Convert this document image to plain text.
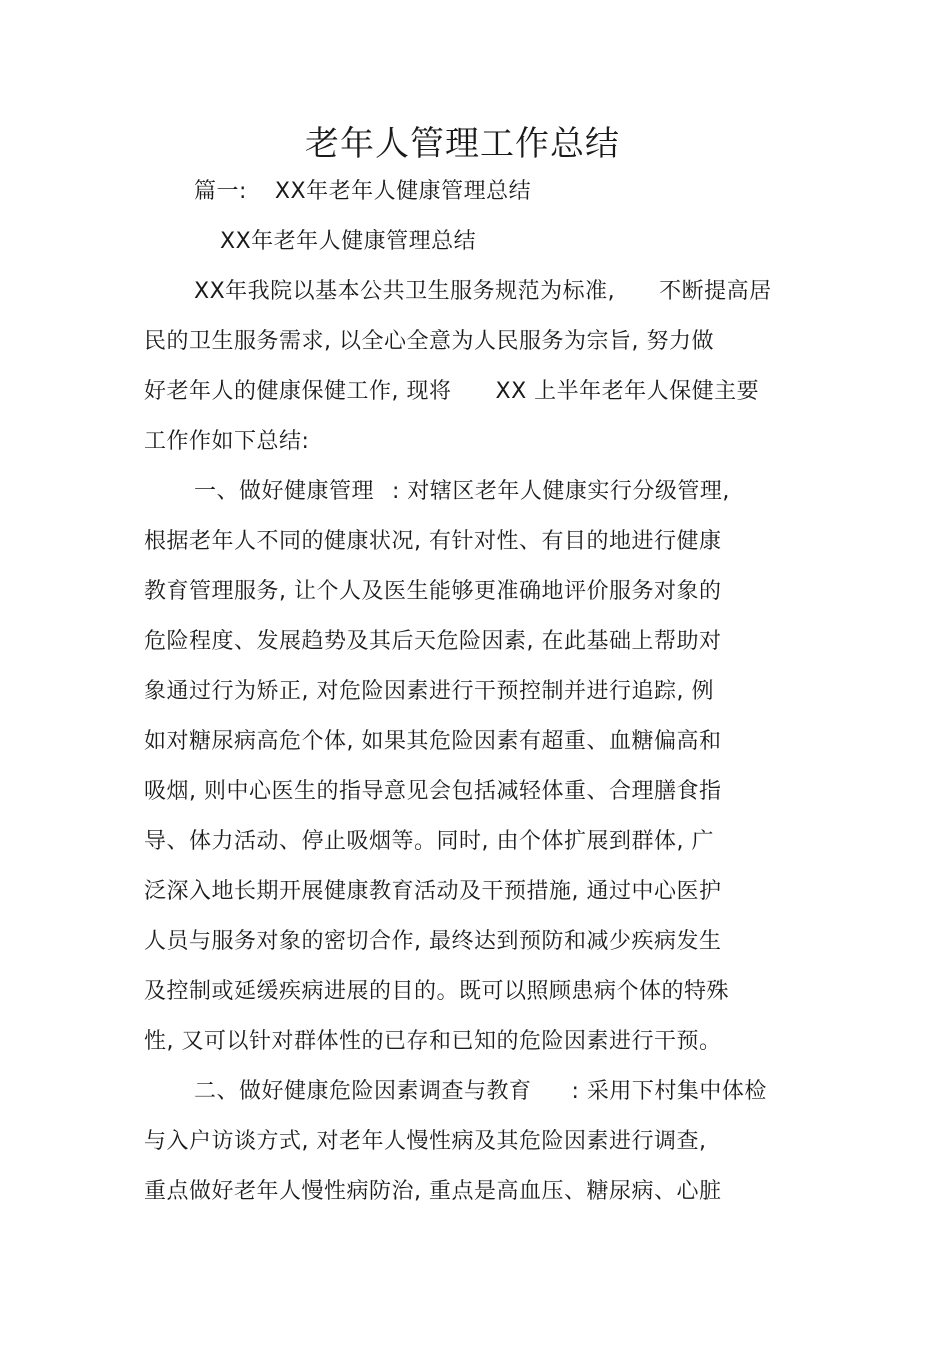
老年人管理工作总结
篇一: XX年老年人健康管理总结
XX年老年人健康管理总结
XX年我院以基本公共卫生服务规范为标准, 不断提高居
民的卫生服务需求, 以全心全意为人民服务为宗旨, 努力做
好老年人的健康保健工作, 现将 XX 上半年老年人保健主要
工作作如下总结:
一、做好健康管理 : 对辖区老年人健康实行分级管理,
根据老年人不同的健康状况, 有针对性、有目的地进行健康
教育管理服务, 让个人及医生能够更准确地评价服务对象的
危险程度、发展趋势及其后天危险因素, 在此基础上帮助对
象通过行为矫正, 对危险因素进行干预控制并进行追踪, 例
如对糖尿病高危个体, 如果其危险因素有超重、血糖偏高和
吸烟, 则中心医生的指导意见会包括减轻体重、合理膳食指
导、体力活动、停止吸烟等。同时, 由个体扩展到群体, 广
泛深入地长期开展健康教育活动及干预措施, 通过中心医护
人员与服务对象的密切合作, 最终达到预防和减少疾病发生
及控制或延缓疾病进展的目的。既可以照顾患病个体的特殊
性, 又可以针对群体性的已存和已知的危险因素进行干预。
二、做好健康危险因素调查与教育 : 采用下村集中体检
与入户访谈方式, 对老年人慢性病及其危险因素进行调查,
重点做好老年人慢性病防治, 重点是高血压、糖尿病、心脏
